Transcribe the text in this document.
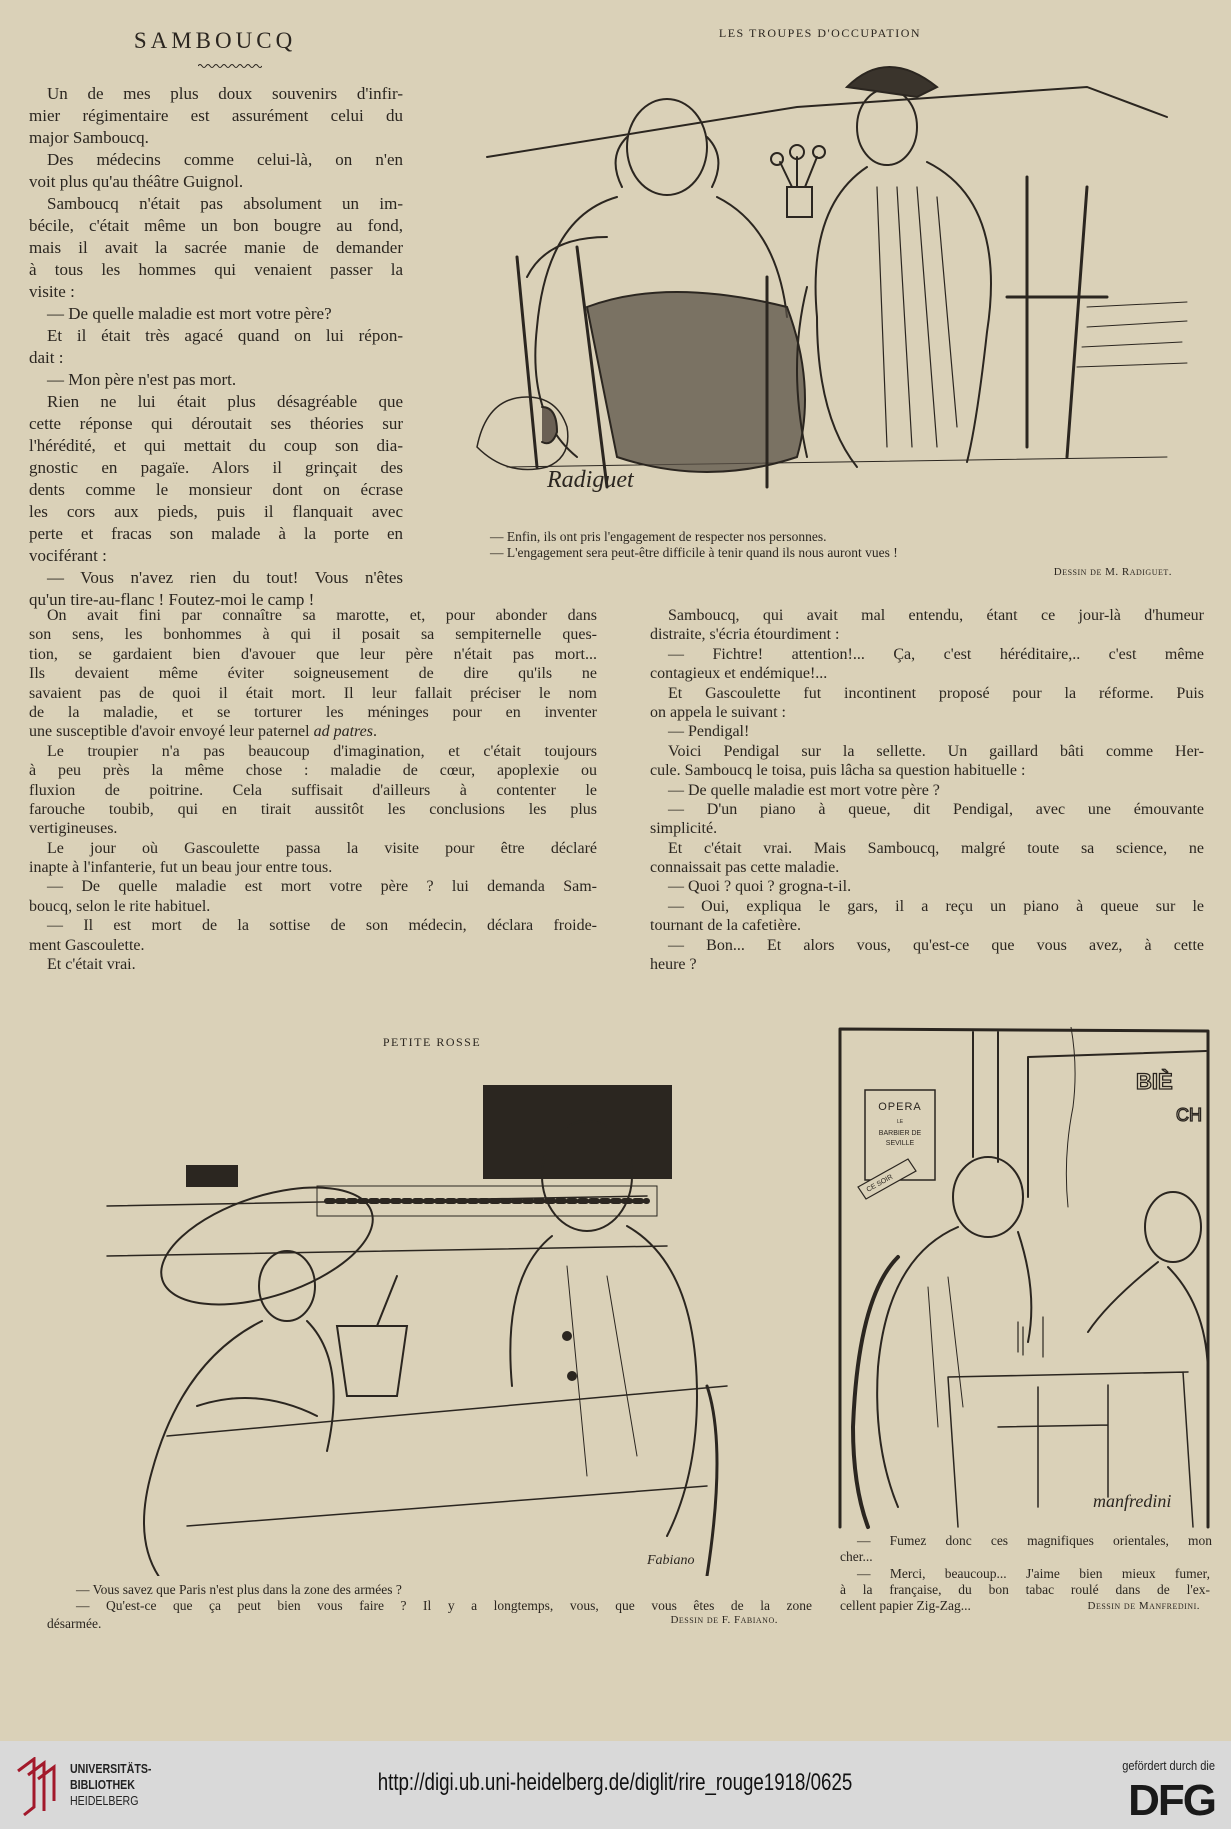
SAMBOUCQ
Un de mes plus doux souvenirs d'infir-
mier régimentaire est assurément celui du
major Samboucq.
Des médecins comme celui-là, on n'en
voit plus qu'au théâtre Guignol.
Samboucq n'était pas absolument un im-
bécile, c'était même un bon bougre au fond,
mais il avait la sacrée manie de demander
à tous les hommes qui venaient passer la
visite :
— De quelle maladie est mort votre père?
Et il était très agacé quand on lui répon-
dait :
— Mon père n'est pas mort.
Rien ne lui était plus désagréable que
cette réponse qui déroutait ses théories sur
l'hérédité, et qui mettait du coup son dia-
gnostic en pagaïe. Alors il grinçait des
dents comme le monsieur dont on écrase
les cors aux pieds, puis il flanquait avec
perte et fracas son malade à la porte en
vociférant :
— Vous n'avez rien du tout! Vous n'êtes
qu'un tire-au-flanc ! Foutez-moi le camp !
On avait fini par connaître sa marotte, et, pour abonder dans
son sens, les bonhommes à qui il posait sa sempiternelle ques-
tion, se gardaient bien d'avouer que leur père n'était pas mort...
Ils devaient même éviter soigneusement de dire qu'ils ne
savaient pas de quoi il était mort. Il leur fallait préciser le nom
de la maladie, et se torturer les méninges pour en inventer
une susceptible d'avoir envoyé leur paternel ad patres.
Le troupier n'a pas beaucoup d'imagination, et c'était toujours
à peu près la même chose : maladie de cœur, apoplexie ou
fluxion de poitrine. Cela suffisait d'ailleurs à contenter le
farouche toubib, qui en tirait aussitôt les conclusions les plus
vertigineuses.
Le jour où Gascoulette passa la visite pour être déclaré
inapte à l'infanterie, fut un beau jour entre tous.
— De quelle maladie est mort votre père ? lui demanda Sam-
boucq, selon le rite habituel.
— Il est mort de la sottise de son médecin, déclara froide-
ment Gascoulette.
Et c'était vrai.
Samboucq, qui avait mal entendu, étant ce jour-là d'humeur
distraite, s'écria étourdiment :
— Fichtre! attention!... Ça, c'est héréditaire,.. c'est même
contagieux et endémique!...
Et Gascoulette fut incontinent proposé pour la réforme. Puis
on appela le suivant :
— Pendigal!
Voici Pendigal sur la sellette. Un gaillard bâti comme Her-
cule. Samboucq le toisa, puis lâcha sa question habituelle :
— De quelle maladie est mort votre père ?
— D'un piano à queue, dit Pendigal, avec une émouvante
simplicité.
Et c'était vrai. Mais Samboucq, malgré toute sa science, ne
connaissait pas cette maladie.
— Quoi ? quoi ? grogna-t-il.
— Oui, expliqua le gars, il a reçu un piano à queue sur le
tournant de la cafetière.
— Bon... Et alors vous, qu'est-ce que vous avez, à cette
heure ?
LES TROUPES D'OCCUPATION
Radiguet
— Enfin, ils ont pris l'engagement de respecter nos personnes.
— L'engagement sera peut-être difficile à tenir quand ils nous auront vues !
Dessin de M. Radiguet.
PETITE ROSSE
Fabiano
— Vous savez que Paris n'est plus dans la zone des armées ?
— Qu'est-ce que ça peut bien vous faire ? Il y a longtemps, vous, que vous êtes de la zone
désarmée.	Dessin de F. Fabiano.
OPERA
LE
BARBIER DE
SEVILLE
CE SOIR
BIÈ
CH
manfredini
— Fumez donc ces magnifiques orientales, mon
cher...
— Merci, beaucoup... J'aime bien mieux fumer,
à la française, du bon tabac roulé dans de l'ex-
cellent papier Zig-Zag...	Dessin de Manfredini.
UNIVERSITÄTS-
BIBLIOTHEK
HEIDELBERG
http://digi.ub.uni-heidelberg.de/diglit/rire_rouge1918/0625
gefördert durch die
DFG
